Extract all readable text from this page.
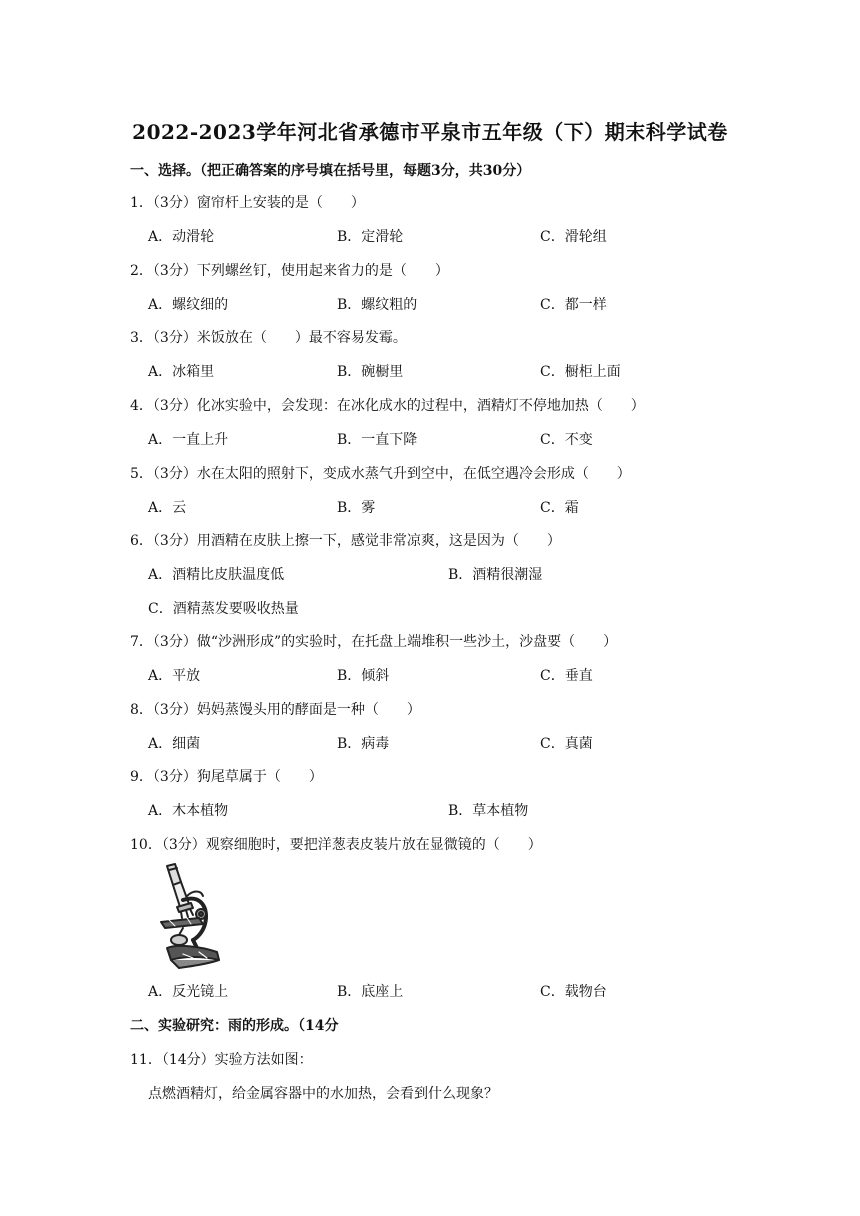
2022-2023学年河北省承德市平泉市五年级（下）期末科学试卷
一、选择。（把正确答案的序号填在括号里，每题3分，共30分）
1．（3分）窗帘杆上安装的是（　　）
A．动滑轮	B．定滑轮	C．滑轮组
2．（3分）下列螺丝钉，使用起来省力的是（　　）
A．螺纹细的	B．螺纹粗的	C．都一样
3．（3分）米饭放在（　　）最不容易发霉。
A．冰箱里	B．碗橱里	C．橱柜上面
4．（3分）化冰实验中，会发现：在冰化成水的过程中，酒精灯不停地加热（　　）
A．一直上升	B．一直下降	C．不变
5．（3分）水在太阳的照射下，变成水蒸气升到空中，在低空遇冷会形成（　　）
A．云	B．雾	C．霜
6．（3分）用酒精在皮肤上擦一下，感觉非常凉爽，这是因为（　　）
A．酒精比皮肤温度低	B．酒精很潮湿
C．酒精蒸发要吸收热量
7．（3分）做“沙洲形成”的实验时，在托盘上端堆积一些沙土，沙盘要（　　）
A．平放	B．倾斜	C．垂直
8．（3分）妈妈蒸馒头用的酵面是一种（　　）
A．细菌	B．病毒	C．真菌
9．（3分）狗尾草属于（　　）
A．木本植物	B．草本植物
10．（3分）观察细胞时，要把洋葱表皮装片放在显微镜的（　　）
A．反光镜上	B．底座上	C．载物台
二、实验研究：雨的形成。（14分
11．（14分）实验方法如图：
点燃酒精灯，给金属容器中的水加热，会看到什么现象？
